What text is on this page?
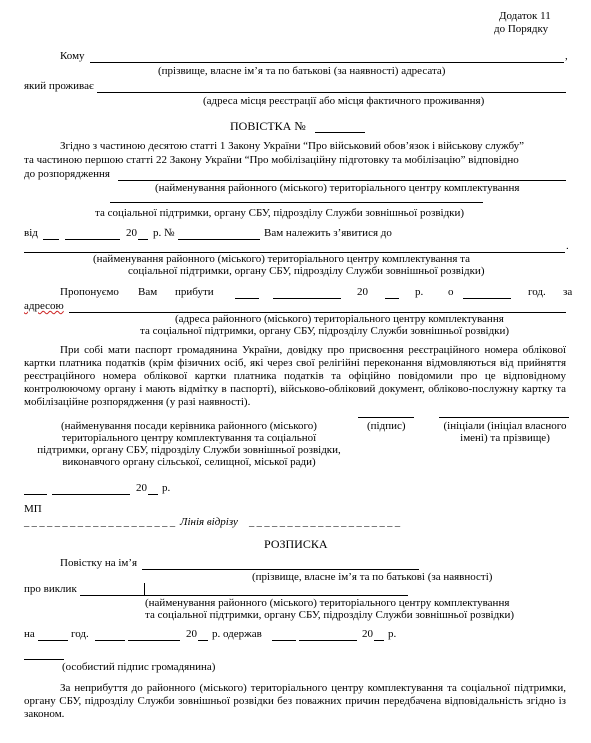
Додаток 11
до Порядку
Кому	,
(прізвище, власне ім’я та по батькові (за наявності) адресата)
який проживає
(адреса місця реєстрації або місця фактичного проживання)
ПОВІСТКА №
Згідно з частиною десятою статті 1 Закону України “Про військовий обов’язок і військову службу”
та частиною першою статті 22 Закону України “Про мобілізаційну підготовку та мобілізацію” відповідно
до розпорядження
(найменування районного (міського) територіального центру комплектування
та соціальної підтримки, органу СБУ, підрозділу Служби зовнішньої розвідки)
від	20 р. №	Вам належить з’явитися до
.
(найменування районного (міського) територіального центру комплектування та
соціальної підтримки, органу СБУ, підрозділу Служби зовнішньої розвідки)
Пропонуємо Вам прибути	20	р. о	год. за
адресою
(адреса районного (міського) територіального центру комплектування
та соціальної підтримки, органу СБУ, підрозділу Служби зовнішньої розвідки)
При собі мати паспорт громадянина України, довідку про присвоєння реєстраційного номера облікової картки платника податків (крім фізичних осіб, які через свої релігійні переконання відмовляються від прийняття реєстраційного номера облікової картки платника податків та офіційно повідомили про це відповідному контролюючому органу і мають відмітку в паспорті), військово-обліковий документ, обліково-послужну картку та мобілізаційне розпорядження (у разі наявності).
(найменування посади керівника районного (міського)
територіального центру комплектування та соціальної
підтримки, органу СБУ, підрозділу Служби зовнішньої розвідки,
виконавчого органу сільської, селищної, міської ради)
(підпис)	(ініціали (ініціал власного
імені) та прізвище)
20 р.
МП
_ _ _ _ _ _ _ _ _ _ _ _ _ _ _ _ _ _ _ _ Лінія відрізу _ _ _ _ _ _ _ _ _ _ _ _ _ _ _ _ _ _ _ _
РОЗПИСКА
Повістку на ім’я
(прізвище, власне ім’я та по батькові (за наявності)
про виклик
(найменування районного (міського) територіального центру комплектування
та соціальної підтримки, органу СБУ, підрозділу Служби зовнішньої розвідки)
на	год.	20 р. одержав	20 р.
(особистий підпис громадянина)
За неприбуття до районного (міського) територіального центру комплектування та соціальної підтримки, органу СБУ, підрозділу Служби зовнішньої розвідки без поважних причин передбачена відповідальність згідно із законом.
